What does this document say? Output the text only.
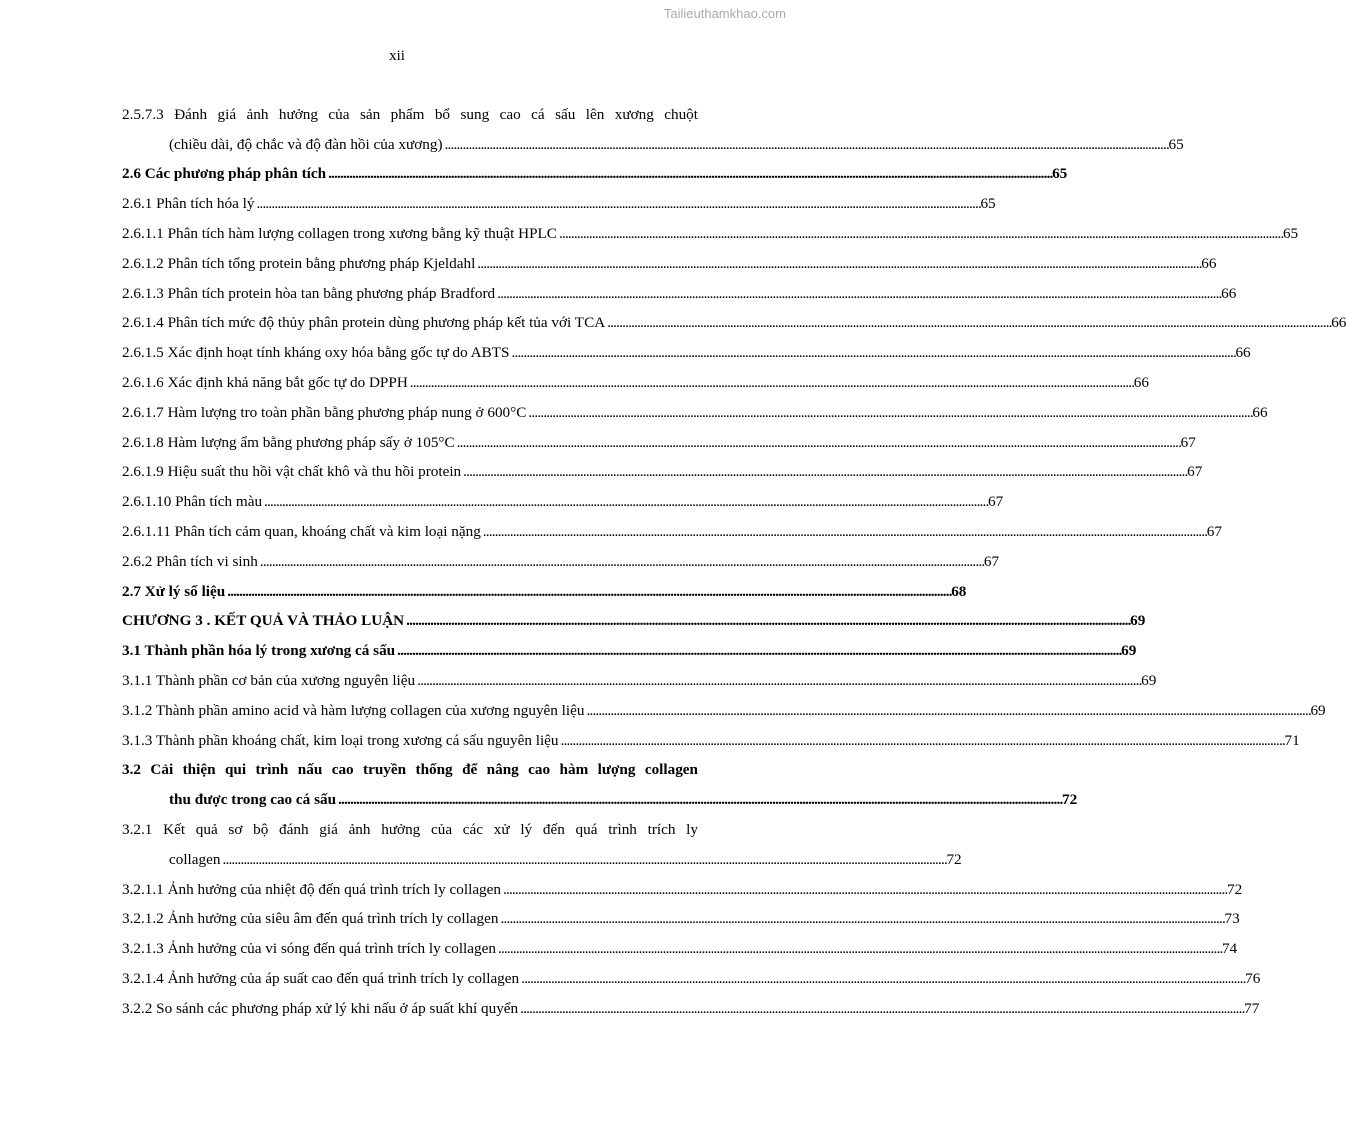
Tailieuthamkhao.com
xii
2.5.7.3 Đánh giá ảnh hưởng của sản phẩm bổ sung cao cá sấu lên xương chuột
(chiều dài, độ chắc và độ đàn hồi của xương) . . .	65
2.6 Các phương pháp phân tích . . .	65
2.6.1 Phân tích hóa lý . . .	65
2.6.1.1 Phân tích hàm lượng collagen trong xương bằng kỹ thuật HPLC . . .	65
2.6.1.2 Phân tích tổng protein bằng phương pháp Kjeldahl . . .	66
2.6.1.3 Phân tích protein hòa tan bằng phương pháp Bradford . . .	66
2.6.1.4 Phân tích mức độ thủy phân protein dùng phương pháp kết tủa với TCA . . .	66
2.6.1.5 Xác định hoạt tính kháng oxy hóa bằng gốc tự do ABTS . . .	66
2.6.1.6 Xác định khả năng bắt gốc tự do DPPH . . .	66
2.6.1.7 Hàm lượng tro toàn phần bằng phương pháp nung ở 600°C . . .	66
2.6.1.8 Hàm lượng ẩm bằng phương pháp sấy ở 105°C . . .	67
2.6.1.9 Hiệu suất thu hồi vật chất khô và thu hồi protein . . .	67
2.6.1.10 Phân tích màu . . .	67
2.6.1.11 Phân tích cảm quan, khoáng chất và kim loại nặng . . .	67
2.6.2 Phân tích vi sinh . . .	67
2.7 Xử lý số liệu . . .	68
CHƯƠNG 3 . KẾT QUẢ VÀ THẢO LUẬN . . .	69
3.1 Thành phần hóa lý trong xương cá sấu . . .	69
3.1.1 Thành phần cơ bản của xương nguyên liệu . . .	69
3.1.2 Thành phần amino acid và hàm lượng collagen của xương nguyên liệu . . .	69
3.1.3 Thành phần khoáng chất, kim loại trong xương cá sấu nguyên liệu . . .	71
3.2 Cải thiện qui trình nấu cao truyền thống để nâng cao hàm lượng collagen
thu được trong cao cá sấu . . .	72
3.2.1 Kết quả sơ bộ đánh giá ảnh hưởng của các xử lý đến quá trình trích ly
collagen . . .	72
3.2.1.1 Ảnh hưởng của nhiệt độ đến quá trình trích ly collagen . . .	72
3.2.1.2 Ảnh hưởng của siêu âm đến quá trình trích ly collagen . . .	73
3.2.1.3 Ảnh hưởng của vi sóng đến quá trình trích ly collagen . . .	74
3.2.1.4 Ảnh hưởng của áp suất cao đến quá trình trích ly collagen . . .	76
3.2.2 So sánh các phương pháp xử lý khi nấu ở áp suất khí quyển . . .	77
